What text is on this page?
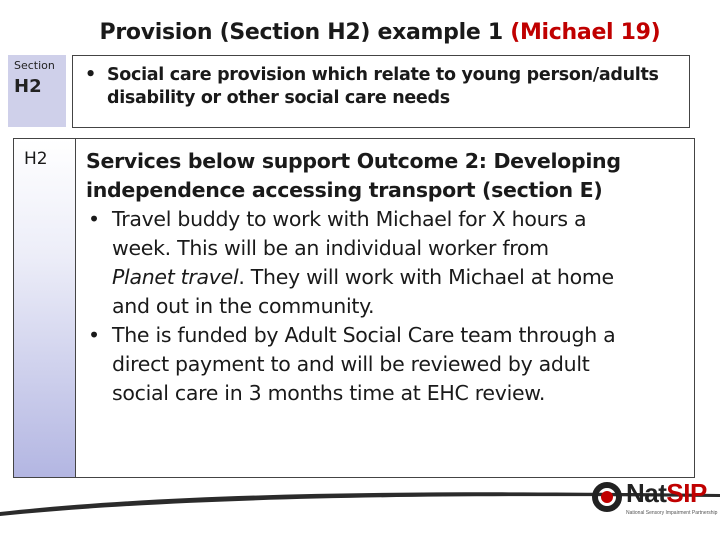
Provision (Section H2) example 1 (Michael 19)
Section
H2
• Social care provision which relate to young person/adults
disability or other social care needs
H2	Services below support Outcome 2: Developing
independence accessing transport (section E)
• Travel buddy to work with Michael for X hours a
week. This will be an individual worker from
Planet travel. They will work with Michael at home
and out in the community.
• The is funded by Adult Social Care team through a
direct payment to and will be reviewed by adult
social care in 3 months time at EHC review.
NatSIP
National Sensory Impairment Partnership
